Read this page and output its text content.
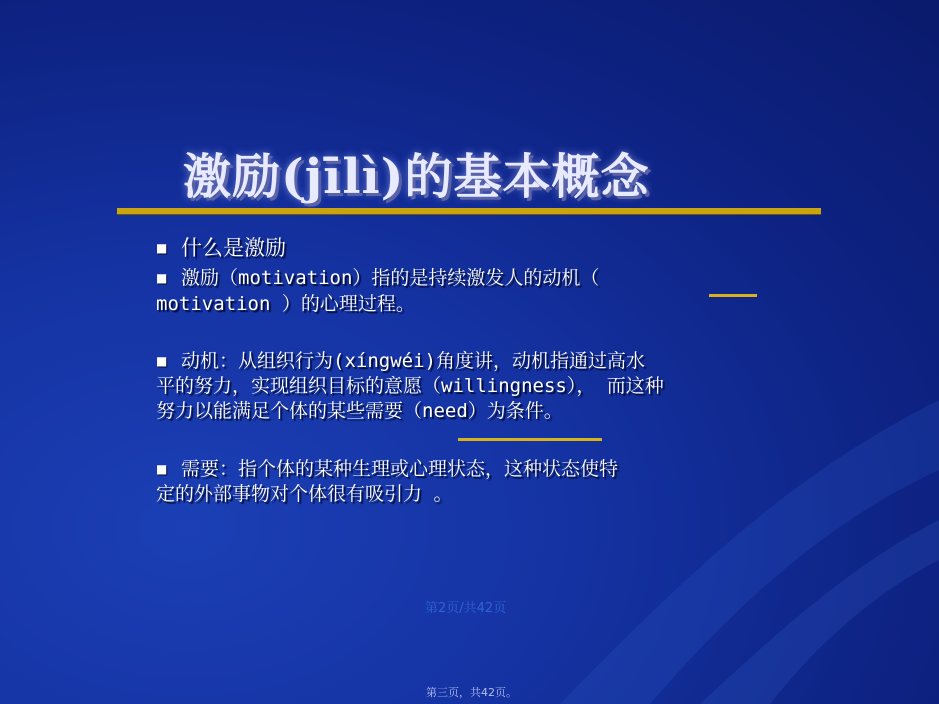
激励(jīlì)的基本概念
■ 什么是激励
■ 激励（motivation）指的是持续激发人的动机（
motivation ）的心理过程。
■ 动机：从组织行为(xíngwéi)角度讲，动机指通过高水
平的努力，实现组织目标的意愿（willingness）， 而这种
努力以能满足个体的某些需要（need）为条件。
■ 需要：指个体的某种生理或心理状态，这种状态使特
定的外部事物对个体很有吸引力 。
第2页/共42页
第三页，共42页。
